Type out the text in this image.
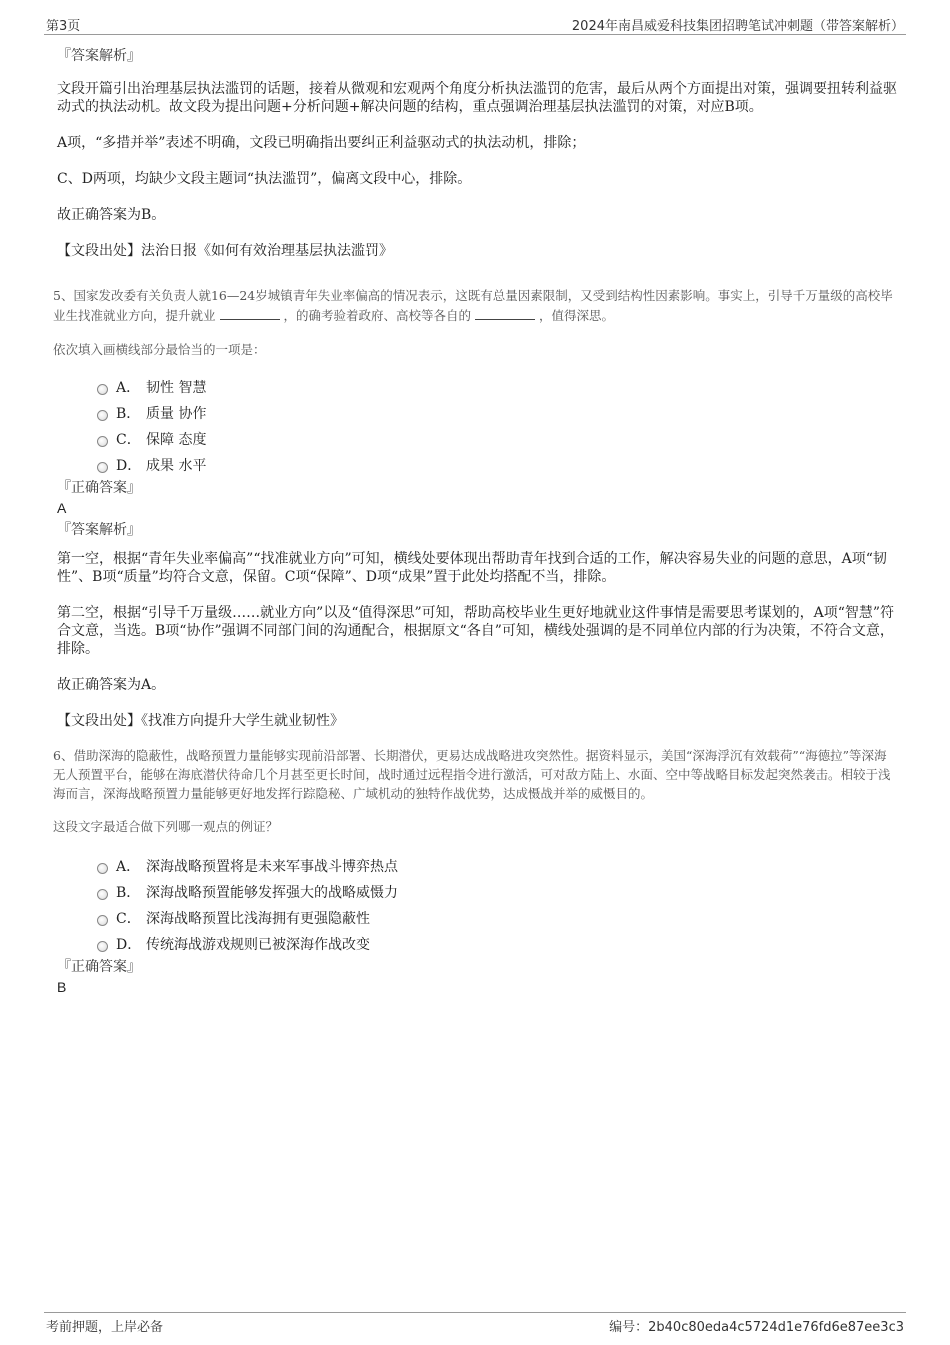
第3页	2024年南昌威爱科技集团招聘笔试冲刺题（带答案解析）
『答案解析』

文段开篇引出治理基层执法滥罚的话题，接着从微观和宏观两个角度分析执法滥罚的危害，最后从两个方面提出对策，强调要扭转利益驱动式的执法动机。故文段为提出问题+分析问题+解决问题的结构，重点强调治理基层执法滥罚的对策，对应B项。

A项，“多措并举”表述不明确，文段已明确指出要纠正利益驱动式的执法动机，排除；

C、D两项，均缺少文段主题词“执法滥罚”，偏离文段中心，排除。

故正确答案为B。

【文段出处】法治日报《如何有效治理基层执法滥罚》

5、国家发改委有关负责人就16—24岁城镇青年失业率偏高的情况表示，这既有总量因素限制，又受到结构性因素影响。事实上，引导千万量级的高校毕业生找准就业方向，提升就业	，的确考验着政府、高校等各自的	，值得深思。

依次填入画横线部分最恰当的一项是：

A． 韧性 智慧
B． 质量 协作
C． 保障 态度
D． 成果 水平
『正确答案』
A
『答案解析』

第一空，根据“青年失业率偏高”“找准就业方向”可知，横线处要体现出帮助青年找到合适的工作，解决容易失业的问题的意思，A项“韧性”、B项“质量”均符合文意，保留。C项“保障”、D项“成果”置于此处均搭配不当，排除。

第二空，根据“引导千万量级……就业方向”以及“值得深思”可知，帮助高校毕业生更好地就业这件事情是需要思考谋划的，A项“智慧”符合文意，当选。B项“协作”强调不同部门间的沟通配合，根据原文“各自”可知，横线处强调的是不同单位内部的行为决策，不符合文意，排除。

故正确答案为A。

【文段出处】《找准方向提升大学生就业韧性》

6、借助深海的隐蔽性，战略预置力量能够实现前沿部署、长期潜伏，更易达成战略进攻突然性。据资料显示，美国“深海浮沉有效载荷”“海德拉”等深海无人预置平台，能够在海底潜伏待命几个月甚至更长时间，战时通过远程指令进行激活，可对敌方陆上、水面、空中等战略目标发起突然袭击。相较于浅海而言，深海战略预置力量能够更好地发挥行踪隐秘、广域机动的独特作战优势，达成慑战并举的威慑目的。

这段文字最适合做下列哪一观点的例证？

A． 深海战略预置将是未来军事战斗博弈热点
B． 深海战略预置能够发挥强大的战略威慑力
C． 深海战略预置比浅海拥有更强隐蔽性
D． 传统海战游戏规则已被深海作战改变
『正确答案』
B
考前押题，上岸必备	编号：2b40c80eda4c5724d1e76fd6e87ee3c3
